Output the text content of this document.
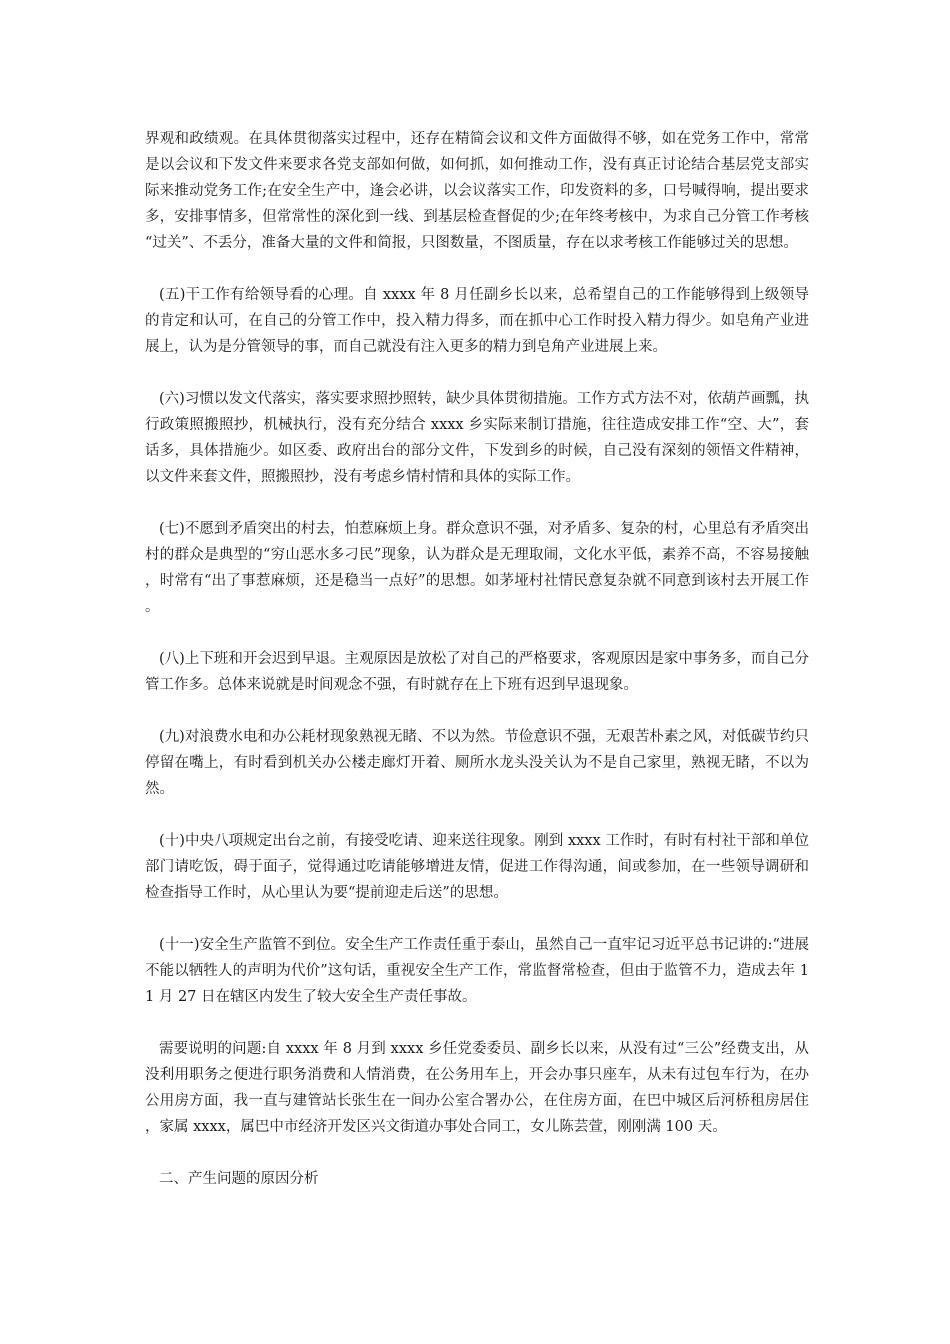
界观和政绩观。在具体贯彻落实过程中，还存在精简会议和文件方面做得不够，如在党务工作中，常常是以会议和下发文件来要求各党支部如何做，如何抓，如何推动工作，没有真正讨论结合基层党支部实际来推动党务工作;在安全生产中，逢会必讲，以会议落实工作，印发资料的多，口号喊得响，提出要求多，安排事情多，但常常性的深化到一线、到基层检查督促的少;在年终考核中，为求自己分管工作考核“过关”、不丢分，准备大量的文件和简报，只图数量，不图质量，存在以求考核工作能够过关的思想。

(五)干工作有给领导看的心理。自 xxxx 年 8 月任副乡长以来，总希望自己的工作能够得到上级领导的肯定和认可，在自己的分管工作中，投入精力得多，而在抓中心工作时投入精力得少。如皂角产业进展上，认为是分管领导的事，而自己就没有注入更多的精力到皂角产业进展上来。

(六)习惯以发文代落实，落实要求照抄照转，缺少具体贯彻措施。工作方式方法不对，依葫芦画瓢，执行政策照搬照抄，机械执行，没有充分结合 xxxx 乡实际来制订措施，往往造成安排工作“空、大”，套话多，具体措施少。如区委、政府出台的部分文件，下发到乡的时候，自己没有深刻的领悟文件精神，以文件来套文件，照搬照抄，没有考虑乡情村情和具体的实际工作。

(七)不愿到矛盾突出的村去，怕惹麻烦上身。群众意识不强，对矛盾多、复杂的村，心里总有矛盾突出村的群众是典型的“穷山恶水多刁民”现象，认为群众是无理取闹，文化水平低，素养不高，不容易接触，时常有“出了事惹麻烦，还是稳当一点好”的思想。如茅垭村社情民意复杂就不同意到该村去开展工作。

(八)上下班和开会迟到早退。主观原因是放松了对自己的严格要求，客观原因是家中事务多，而自己分管工作多。总体来说就是时间观念不强，有时就存在上下班有迟到早退现象。

(九)对浪费水电和办公耗材现象熟视无睹、不以为然。节俭意识不强，无艰苦朴素之风，对低碳节约只停留在嘴上，有时看到机关办公楼走廊灯开着、厕所水龙头没关认为不是自己家里，熟视无睹，不以为然。

(十)中央八项规定出台之前，有接受吃请、迎来送往现象。刚到 xxxx 工作时，有时有村社干部和单位部门请吃饭，碍于面子，觉得通过吃请能够增进友情，促进工作得沟通，间或参加，在一些领导调研和检查指导工作时，从心里认为要“提前迎走后送”的思想。

(十一)安全生产监管不到位。安全生产工作责任重于泰山，虽然自己一直牢记习近平总书记讲的:“进展不能以牺牲人的声明为代价”这句话，重视安全生产工作，常监督常检查，但由于监管不力，造成去年 11 月 27 日在辖区内发生了较大安全生产责任事故。

需要说明的问题:自 xxxx 年 8 月到 xxxx 乡任党委委员、副乡长以来，从没有过“三公”经费支出，从没利用职务之便进行职务消费和人情消费，在公务用车上，开会办事只座车，从未有过包车行为，在办公用房方面，我一直与建管站长张生在一间办公室合署办公，在住房方面，在巴中城区后河桥租房居住，家属 xxxx，属巴中市经济开发区兴文街道办事处合同工，女儿陈芸萱，刚刚满 100 天。

二、产生问题的原因分析
